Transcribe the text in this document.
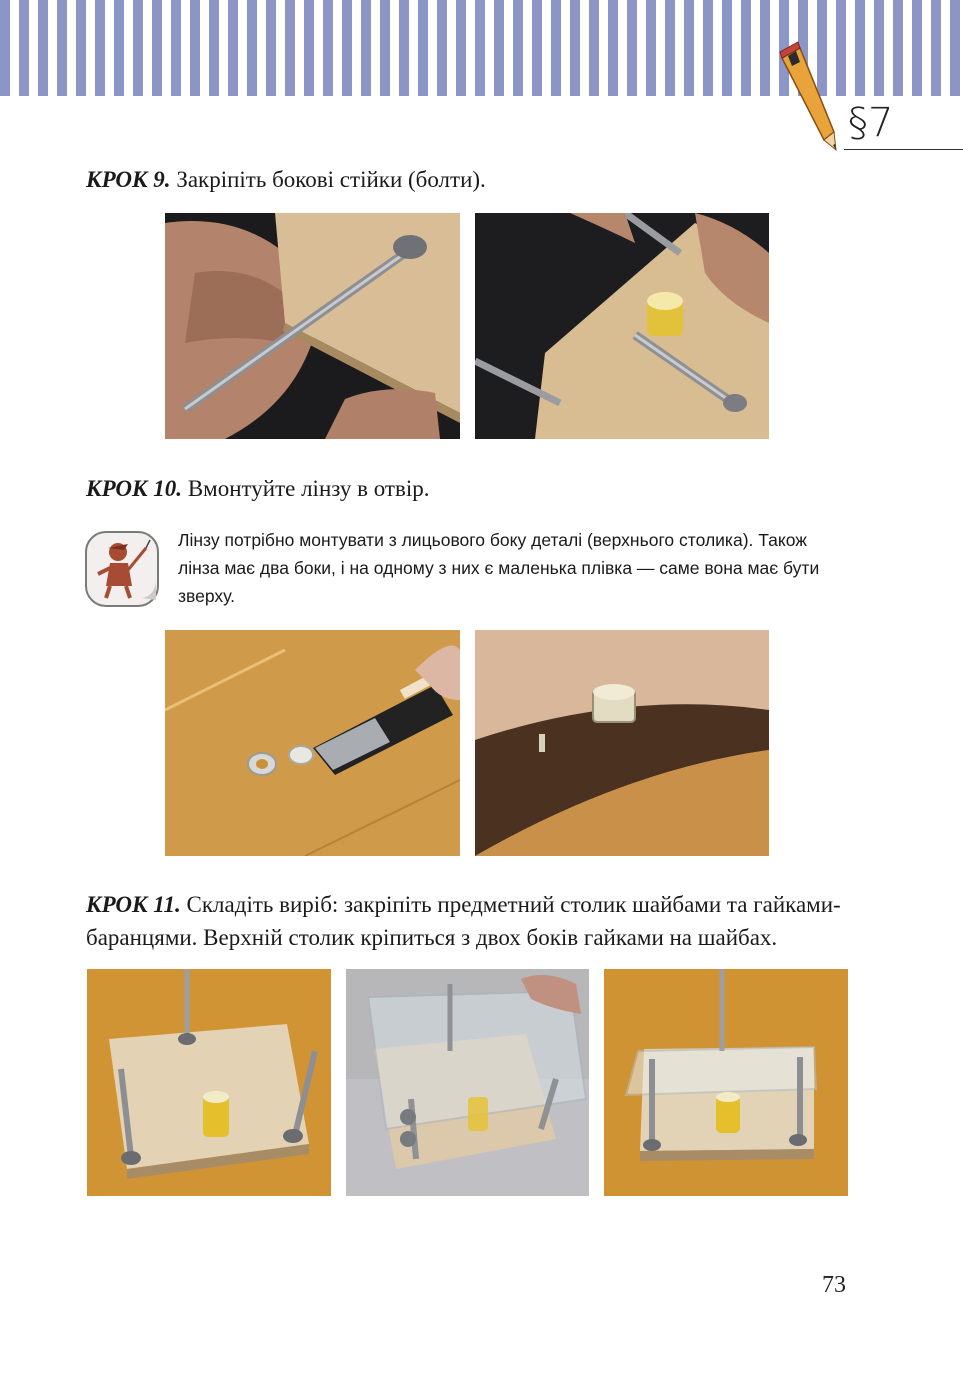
§7
КРОК 9. Закріпіть бокові стійки (болти).
КРОК 10. Вмонтуйте лінзу в отвір.
Лінзу потрібно монтувати з лицьового боку деталі (верхнього столика). Також лінза має два боки, і на одному з них є маленька плівка — саме вона має бути зверху.
КРОК 11. Складіть виріб: закріпіть предметний столик шайбами та гайками-баранцями. Верхній столик кріпиться з двох боків гайками на шайбах.
73
